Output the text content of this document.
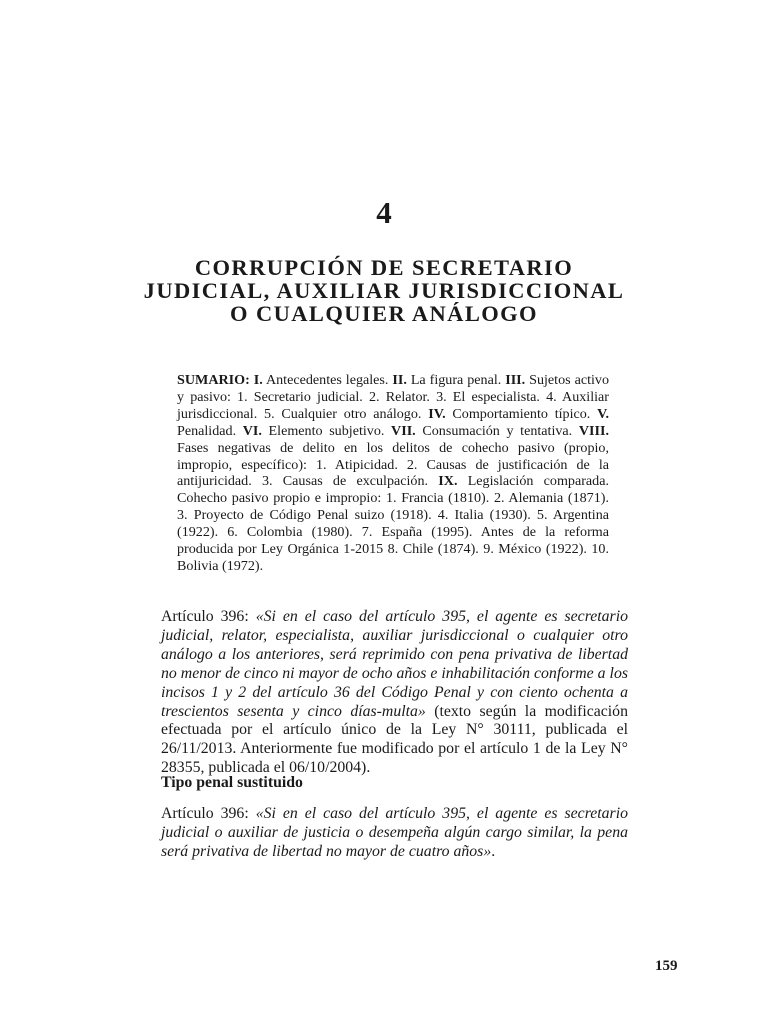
4
CORRUPCIÓN DE SECRETARIO
JUDICIAL, AUXILIAR JURISDICCIONAL
O CUALQUIER ANÁLOGO
SUMARIO: I. Antecedentes legales. II. La figura penal. III. Sujetos activo y pasivo: 1. Secretario judicial. 2. Relator. 3. El especialista. 4. Auxiliar jurisdiccional. 5. Cualquier otro análogo. IV. Comportamiento típico. V. Penalidad. VI. Elemento subjetivo. VII. Consumación y tentativa. VIII. Fases negativas de delito en los delitos de cohecho pasivo (propio, impropio, específico): 1. Atipicidad. 2. Causas de justificación de la antijuricidad. 3. Causas de exculpación. IX. Legislación comparada. Cohecho pasivo propio e impropio: 1. Francia (1810). 2. Alemania (1871). 3. Proyecto de Código Penal suizo (1918). 4. Italia (1930). 5. Argentina (1922). 6. Colombia (1980). 7. España (1995). Antes de la reforma producida por Ley Orgánica 1-2015 8. Chile (1874). 9. México (1922). 10. Bolivia (1972).

Artículo 396: «Si en el caso del artículo 395, el agente es secretario judicial, relator, especialista, auxiliar jurisdiccional o cualquier otro análogo a los anteriores, será reprimido con pena privativa de libertad no menor de cinco ni mayor de ocho años e inhabilitación conforme a los incisos 1 y 2 del artículo 36 del Código Penal y con ciento ochenta a trescientos sesenta y cinco días-multa» (texto según la modificación efectuada por el artículo único de la Ley N° 30111, publicada el 26/11/2013. Anteriormente fue modificado por el artículo 1 de la Ley N° 28355, publicada el 06/10/2004).

Tipo penal sustituido

Artículo 396: «Si en el caso del artículo 395, el agente es secretario judicial o auxiliar de justicia o desempeña algún cargo similar, la pena será privativa de libertad no mayor de cuatro años».

159
